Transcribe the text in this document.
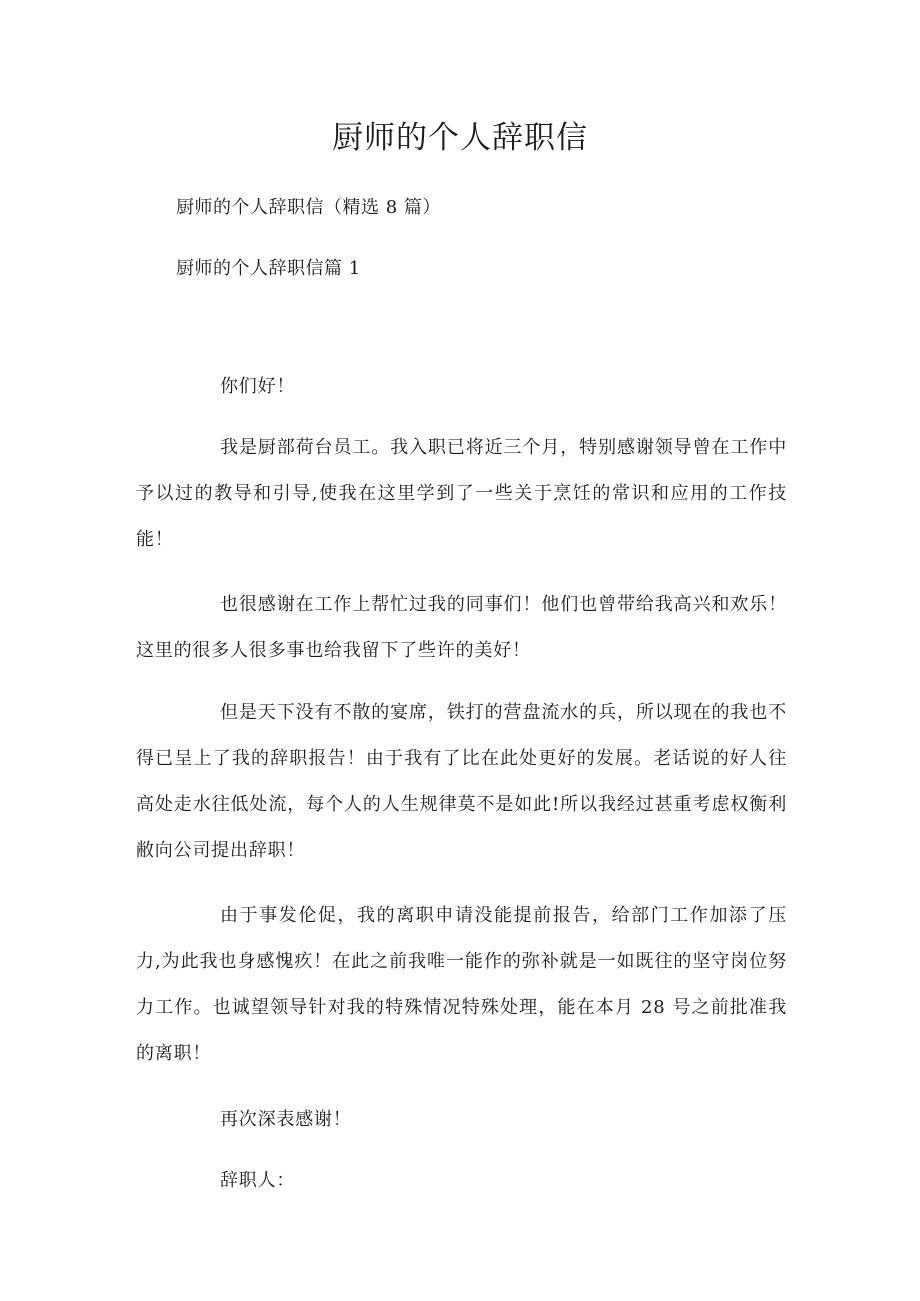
厨师的个人辞职信

厨师的个人辞职信（精选 8 篇）

厨师的个人辞职信篇 1

你们好！

我是厨部荷台员工。我入职已将近三个月，特别感谢领导曾在工作中予以过的教导和引导,使我在这里学到了一些关于烹饪的常识和应用的工作技能！

也很感谢在工作上帮忙过我的同事们！他们也曾带给我高兴和欢乐！这里的很多人很多事也给我留下了些许的美好！

但是天下没有不散的宴席，铁打的营盘流水的兵，所以现在的我也不得已呈上了我的辞职报告！由于我有了比在此处更好的发展。老话说的好人往高处走水往低处流，每个人的人生规律莫不是如此!所以我经过甚重考虑权衡利敝向公司提出辞职！

由于事发伦促，我的离职申请没能提前报告，给部门工作加添了压力,为此我也身感愧疚！在此之前我唯一能作的弥补就是一如既往的坚守岗位努力工作。也诚望领导针对我的特殊情况特殊处理，能在本月 28 号之前批准我的离职！

再次深表感谢！

辞职人：
